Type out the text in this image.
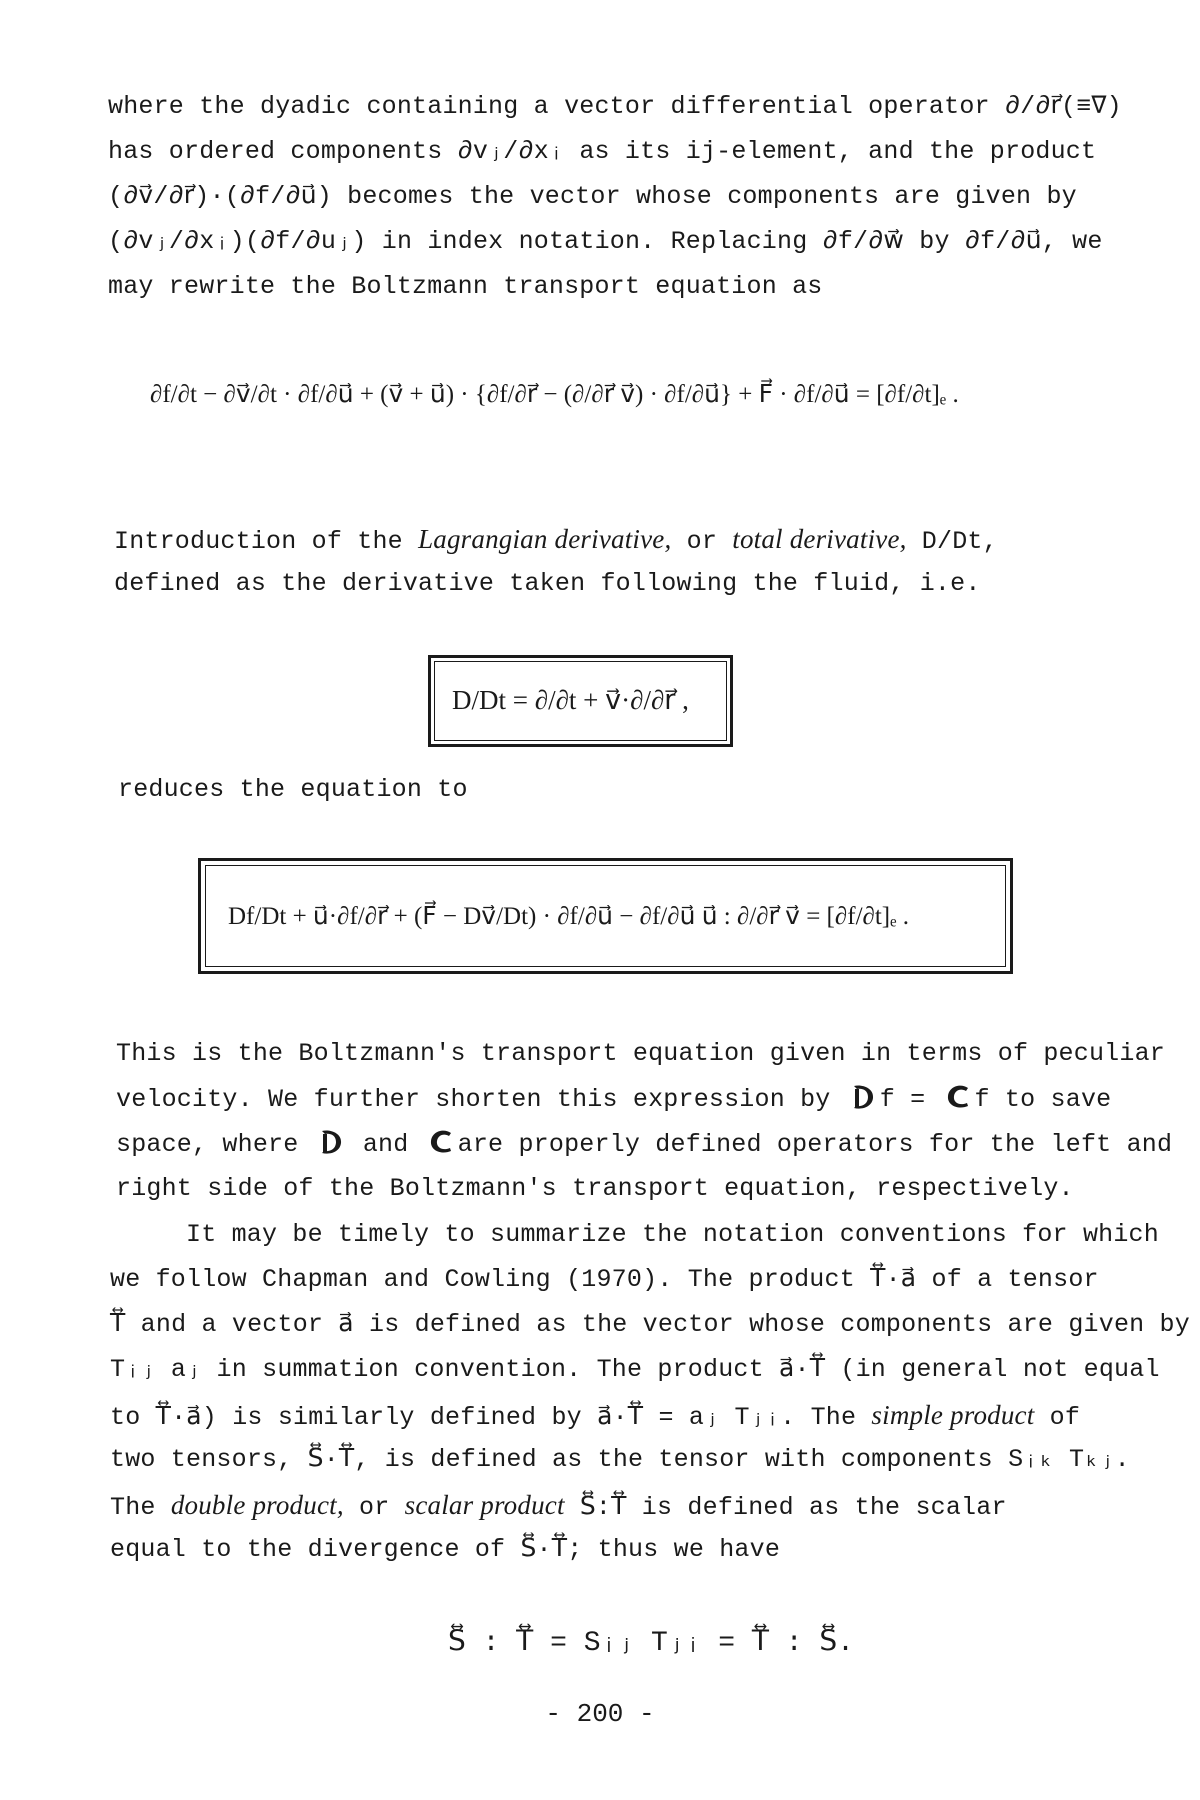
where the dyadic containing a vector differential operator ∂/∂r⃗(≡∇)
has ordered components ∂vⱼ/∂xᵢ as its ij-element, and the product
(∂v⃗/∂r⃗)·(∂f/∂u⃗) becomes the vector whose components are given by
(∂vⱼ/∂xᵢ)(∂f/∂uⱼ) in index notation. Replacing ∂f/∂w⃗ by ∂f/∂u⃗, we
may rewrite the Boltzmann transport equation as
∂f/∂t − ∂v⃗/∂t · ∂f/∂u⃗ + (v⃗ + u⃗) · {∂f/∂r⃗ − (∂/∂r⃗ v⃗) · ∂f/∂u⃗} + F⃗ · ∂f/∂u⃗ = [∂f/∂t]ₑ .
Introduction of the Lagrangian derivative, or total derivative, D/Dt,
defined as the derivative taken following the fluid, i.e.
D/Dt = ∂/∂t + v⃗·∂/∂r⃗ ,
reduces the equation to
Df/Dt + u⃗·∂f/∂r⃗ + (F⃗ − Dv⃗/Dt) · ∂f/∂u⃗ − ∂f/∂u⃗ u⃗ : ∂/∂r⃗ v⃗ = [∂f/∂t]ₑ .
This is the Boltzmann's transport equation given in terms of peculiar
velocity. We further shorten this expression by
f =
f to save
space, where
and
are properly defined operators for the left and
right side of the Boltzmann's transport equation, respectively.
It may be timely to summarize the notation conventions for which
we follow Chapman and Cowling (1970). The product T⃡·a⃗ of a tensor
T⃡ and a vector a⃗ is defined as the vector whose components are given by
Tᵢⱼ aⱼ in summation convention. The product a⃗·T⃡ (in general not equal
to T⃡·a⃗) is similarly defined by a⃗·T⃡ = aⱼ Tⱼᵢ. The simple product of
two tensors, S⃡·T⃡, is defined as the tensor with components Sᵢₖ Tₖⱼ.
The double product, or scalar product S⃡:T⃡ is defined as the scalar
equal to the divergence of S⃡·T⃡; thus we have
S⃡ : T⃡ = Sᵢⱼ Tⱼᵢ = T⃡ : S⃡.
- 200 -
